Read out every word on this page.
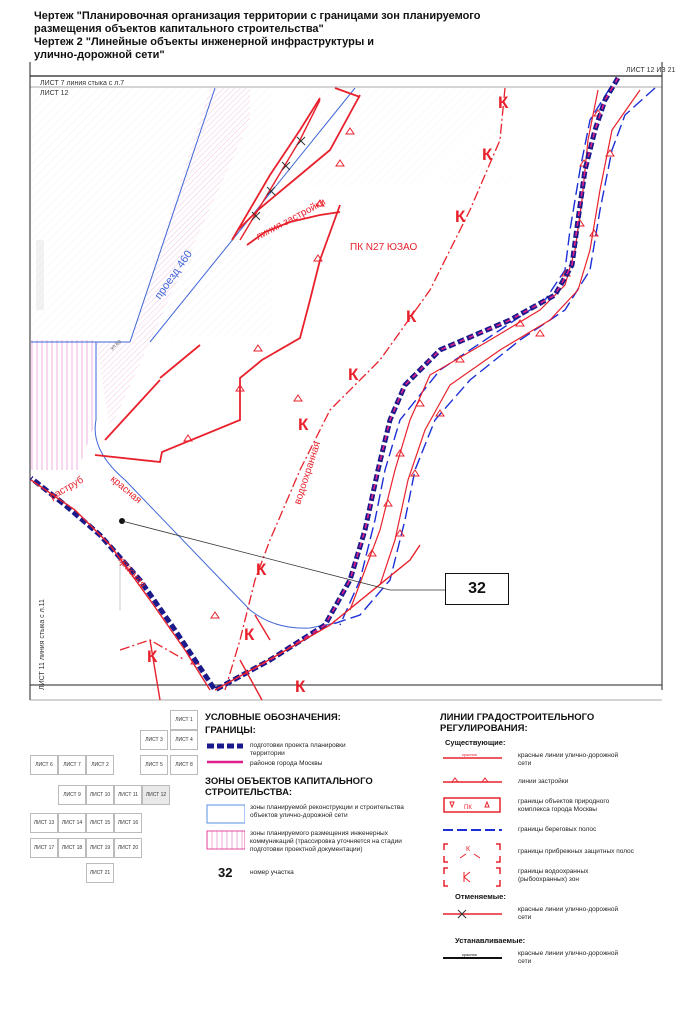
Чертеж "Планировочная организация территории с границами зон планируемого
размещения объектов капитального строительства"
Чертеж 2 "Линейные объекты инженерной инфраструктуры и
улично-дорожной сети"
К
К
К
К
К
К
К
К
К
К
ЛИСТ 7 линия стыка с л.7
ЛИСТ 12
ЛИСТ 12 ИЗ 21
ЛИСТ 11 линия стыка с л.11
проезд 460
ул.60
линия застройки
ПК N27 ЮЗАО
водоохранная
красная
красная
раструб
32
ЛИСТ 1
ЛИСТ 3	ЛИСТ 4
ЛИСТ 6	ЛИСТ 7	ЛИСТ 2	ЛИСТ 5	ЛИСТ 8
ЛИСТ 9	ЛИСТ 10	ЛИСТ 11	ЛИСТ 12
ЛИСТ 13	ЛИСТ 14	ЛИСТ 15	ЛИСТ 16
ЛИСТ 17	ЛИСТ 18	ЛИСТ 19	ЛИСТ 20
ЛИСТ 21
УСЛОВНЫЕ ОБОЗНАЧЕНИЯ:
ГРАНИЦЫ:
подготовки проекта планировки территории
районов города Москвы
ЗОНЫ ОБЪЕКТОВ КАПИТАЛЬНОГО
СТРОИТЕЛЬСТВА:
зоны планируемой реконструкции и строительства объектов улично-дорожной сети
зоны планируемого размещения инженерных коммуникаций (трассировка уточняется на стадии подготовки проектной документации)
32	номер участка
ЛИНИИ ГРАДОСТРОИТЕЛЬНОГО
РЕГУЛИРОВАНИЯ:
Существующие:
красная
ПК
К
красная
красные линии улично-дорожной сети
линии застройки
границы объектов природного комплекса города Москвы
границы береговых полос
границы прибрежных защитных полос
границы водоохранных (рыбоохранных) зон
Отменяемые:
красные линии улично-дорожной сети
Устанавливаемые:
красные линии улично-дорожной сети
